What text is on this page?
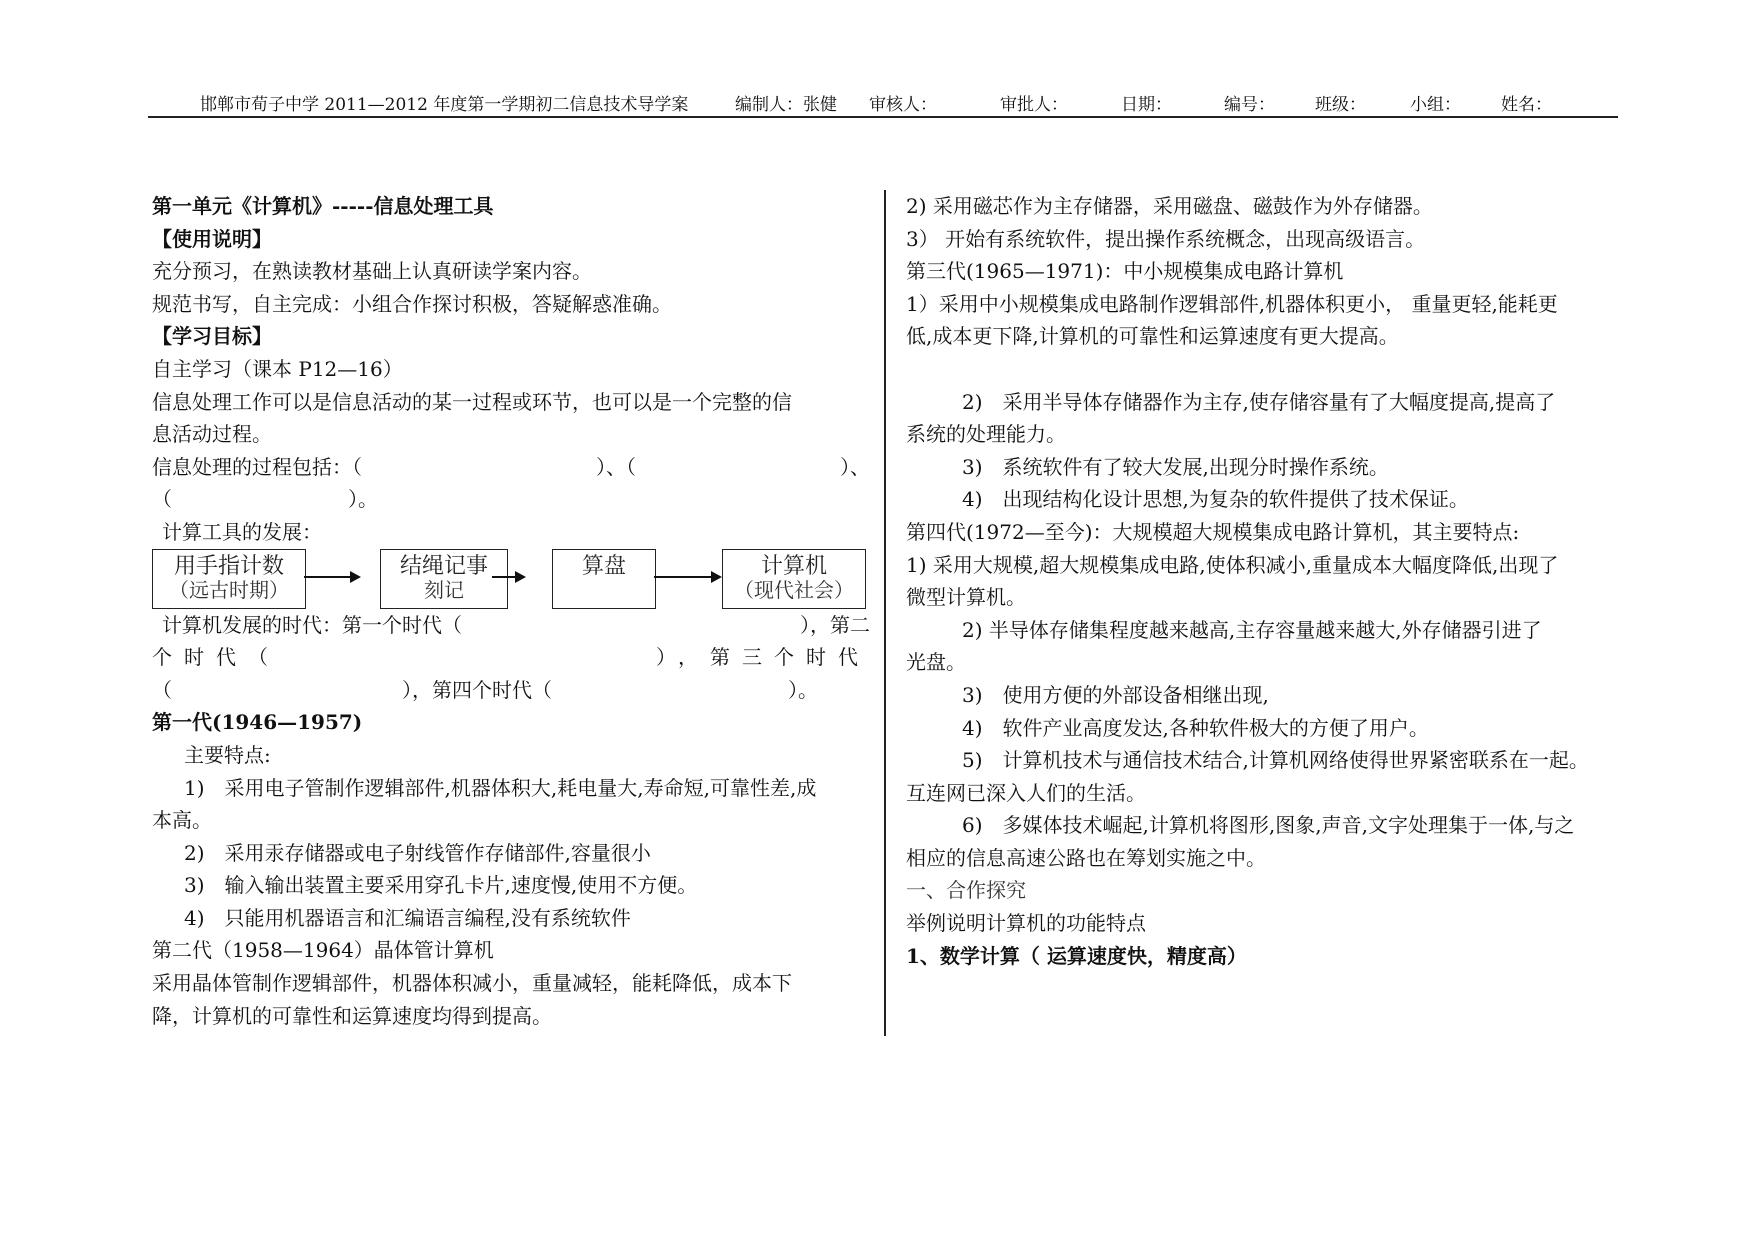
邯郸市荀子中学 2011—2012 年度第一学期初二信息技术导学案	编制人：张健 审核人：	审批人：	日期：	编号： 班级：	小组： 姓名：
第一单元《计算机》-----信息处理工具
【使用说明】
充分预习，在熟读教材基础上认真研读学案内容。
规范书写，自主完成：小组合作探讨积极，答疑解惑准确。
【学习目标】
自主学习（课本 P12—16）
信息处理工作可以是信息活动的某一过程或环节，也可以是一个完整的信
息活动过程。
信息处理的过程包括：（	）、（	）、
（	）。
计算工具的发展：
用手指计数
（远古时期）
结绳记事
刻记
算盘	计算机
（现代社会）
计算机发展的时代：第一个时代（	），第二
个时代（	），第三个时代
（	），第四个时代（	）。
第一代(1946—1957)
主要特点:
1)　采用电子管制作逻辑部件,机器体积大,耗电量大,寿命短,可靠性差,成
本高。
2)　采用汞存储器或电子射线管作存储部件,容量很小
3)　输入输出装置主要采用穿孔卡片,速度慢,使用不方便。
4)　只能用机器语言和汇编语言编程,没有系统软件
第二代（1958—1964）晶体管计算机
采用晶体管制作逻辑部件，机器体积减小，重量减轻，能耗降低，成本下
降，计算机的可靠性和运算速度均得到提高。
2) 采用磁芯作为主存储器，采用磁盘、磁鼓作为外存储器。
3） 开始有系统软件，提出操作系统概念，出现高级语言。
第三代(1965—1971)：中小规模集成电路计算机
1）采用中小规模集成电路制作逻辑部件,机器体积更小， 重量更轻,能耗更
低,成本更下降,计算机的可靠性和运算速度有更大提高。
2)　采用半导体存储器作为主存,使存储容量有了大幅度提高,提高了
系统的处理能力。
3)　系统软件有了较大发展,出现分时操作系统。
4)　出现结构化设计思想,为复杂的软件提供了技术保证。
第四代(1972—至今)：大规模超大规模集成电路计算机，其主要特点:
1) 采用大规模,超大规模集成电路,使体积减小,重量成本大幅度降低,出现了
微型计算机。
2) 半导体存储集程度越来越高,主存容量越来越大,外存储器引进了
光盘。
3)　使用方便的外部设备相继出现,
4)　软件产业高度发达,各种软件极大的方便了用户。
5)　计算机技术与通信技术结合,计算机网络使得世界紧密联系在一起。
互连网已深入人们的生活。
6)　多媒体技术崛起,计算机将图形,图象,声音,文字处理集于一体,与之
相应的信息高速公路也在筹划实施之中。
一、合作探究
举例说明计算机的功能特点
1、数学计算（ 运算速度快，精度高）
